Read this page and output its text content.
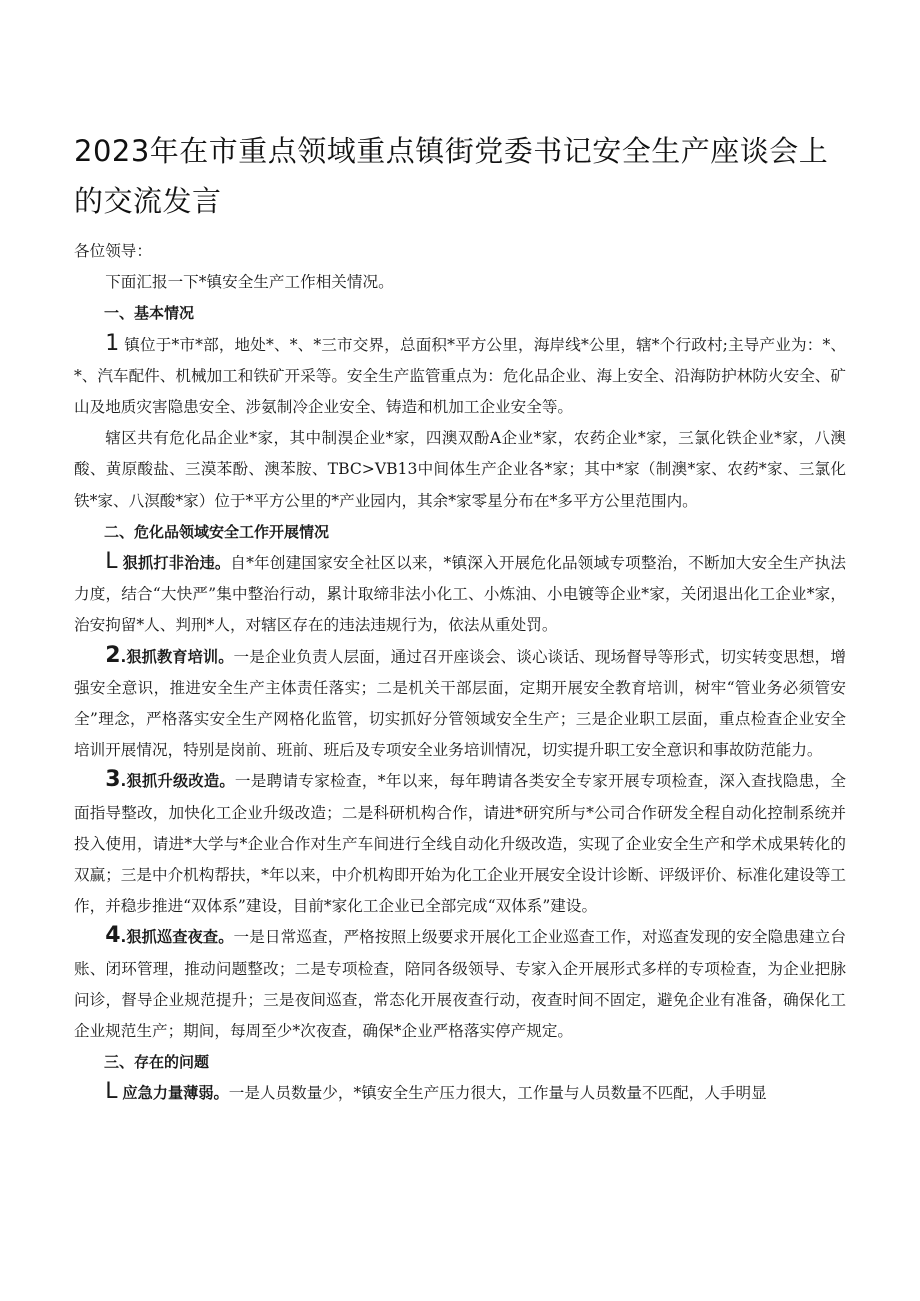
2023年在市重点领域重点镇街党委书记安全生产座谈会上的交流发言

各位领导：

下面汇报一下*镇安全生产工作相关情况。

一、基本情况

1 镇位于*市*部，地处*、*、*三市交界，总面积*平方公里，海岸线*公里，辖*个行政村;主导产业为：*、*、汽车配件、机械加工和铁矿开采等。安全生产监管重点为：危化品企业、海上安全、沿海防护林防火安全、矿山及地质灾害隐患安全、涉氨制冷企业安全、铸造和机加工企业安全等。

辖区共有危化品企业*家，其中制淏企业*家，四澳双酚A企业*家，农药企业*家，三氯化铁企业*家，八澳酸、黄原酸盐、三漠苯酚、澳苯胺、TBC>VB13中间体生产企业各*家；其中*家（制澳*家、农药*家、三氯化铁*家、八溟酸*家）位于*平方公里的*产业园内，其余*家零星分布在*多平方公里范围内。

二、危化品领域安全工作开展情况

L 狠抓打非治违。自*年创建国家安全社区以来，*镇深入开展危化品领域专项整治，不断加大安全生产执法力度，结合“大快严”集中整治行动，累计取缔非法小化工、小炼油、小电镀等企业*家，关闭退出化工企业*家，治安拘留*人、判刑*人，对辖区存在的违法违规行为，依法从重处罚。

2.狠抓教育培训。一是企业负责人层面，通过召开座谈会、谈心谈话、现场督导等形式，切实转变思想，增强安全意识，推进安全生产主体责任落实；二是机关干部层面，定期开展安全教育培训，树牢“管业务必须管安全”理念，严格落实安全生产网格化监管，切实抓好分管领域安全生产；三是企业职工层面，重点检查企业安全培训开展情况，特别是岗前、班前、班后及专项安全业务培训情况，切实提升职工安全意识和事故防范能力。

3.狠抓升级改造。一是聘请专家检查，*年以来，每年聘请各类安全专家开展专项检查，深入查找隐患，全面指导整改，加快化工企业升级改造；二是科研机构合作，请进*研究所与*公司合作研发全程自动化控制系统并投入使用，请进*大学与*企业合作对生产车间进行全线自动化升级改造，实现了企业安全生产和学术成果转化的双赢；三是中介机构帮扶，*年以来，中介机构即开始为化工企业开展安全设计诊断、评级评价、标准化建设等工作，并稳步推进“双体系”建设，目前*家化工企业已全部完成“双体系”建设。

4.狠抓巡查夜查。一是日常巡查，严格按照上级要求开展化工企业巡查工作，对巡查发现的安全隐患建立台账、闭环管理，推动问题整改；二是专项检查，陪同各级领导、专家入企开展形式多样的专项检查，为企业把脉问诊，督导企业规范提升；三是夜间巡查，常态化开展夜查行动，夜查时间不固定，避免企业有准备，确保化工企业规范生产；期间，每周至少*次夜查，确保*企业严格落实停产规定。

三、存在的问题

L 应急力量薄弱。一是人员数量少，*镇安全生产压力很大，工作量与人员数量不匹配，人手明显
